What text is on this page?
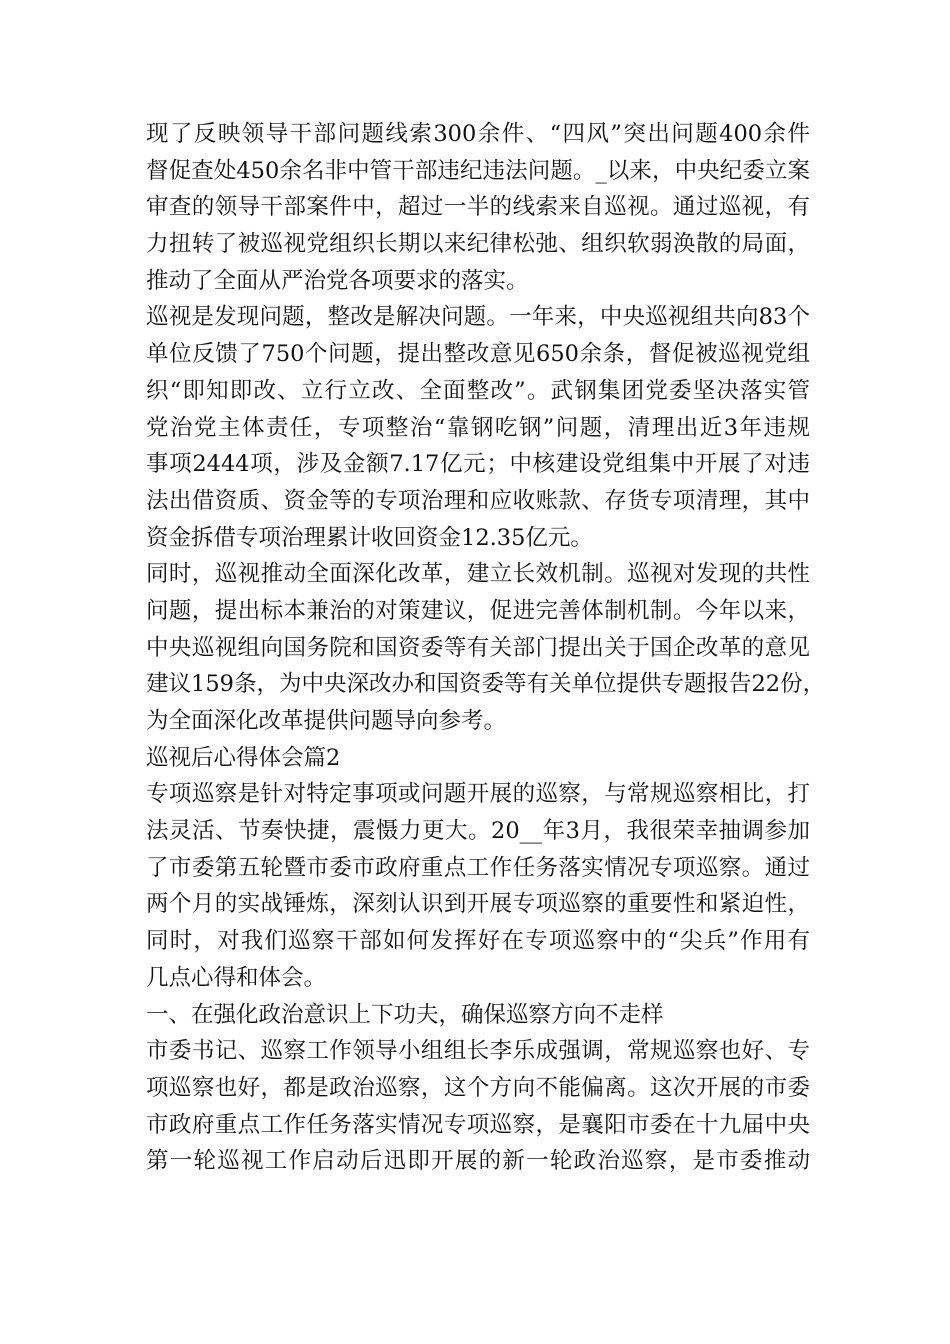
现了反映领导干部问题线索300余件、“四风”突出问题400余件
督促查处450余名非中管干部违纪违法问题。_以来，中央纪委立案
审查的领导干部案件中，超过一半的线索来自巡视。通过巡视，有
力扭转了被巡视党组织长期以来纪律松弛、组织软弱涣散的局面，
推动了全面从严治党各项要求的落实。
巡视是发现问题，整改是解决问题。一年来，中央巡视组共向83个
单位反馈了750个问题，提出整改意见650余条，督促被巡视党组
织“即知即改、立行立改、全面整改”。武钢集团党委坚决落实管
党治党主体责任，专项整治“靠钢吃钢”问题，清理出近3年违规
事项2444项，涉及金额7.17亿元；中核建设党组集中开展了对违
法出借资质、资金等的专项治理和应收账款、存货专项清理，其中
资金拆借专项治理累计收回资金12.35亿元。
同时，巡视推动全面深化改革，建立长效机制。巡视对发现的共性
问题，提出标本兼治的对策建议，促进完善体制机制。今年以来，
中央巡视组向国务院和国资委等有关部门提出关于国企改革的意见
建议159条，为中央深改办和国资委等有关单位提供专题报告22份，
为全面深化改革提供问题导向参考。
巡视后心得体会篇2
专项巡察是针对特定事项或问题开展的巡察，与常规巡察相比，打
法灵活、节奏快捷，震慑力更大。20__年3月，我很荣幸抽调参加
了市委第五轮暨市委市政府重点工作任务落实情况专项巡察。通过
两个月的实战锤炼，深刻认识到开展专项巡察的重要性和紧迫性，
同时，对我们巡察干部如何发挥好在专项巡察中的“尖兵”作用有
几点心得和体会。
一、在强化政治意识上下功夫，确保巡察方向不走样
市委书记、巡察工作领导小组组长李乐成强调，常规巡察也好、专
项巡察也好，都是政治巡察，这个方向不能偏离。这次开展的市委
市政府重点工作任务落实情况专项巡察，是襄阳市委在十九届中央
第一轮巡视工作启动后迅即开展的新一轮政治巡察，是市委推动
